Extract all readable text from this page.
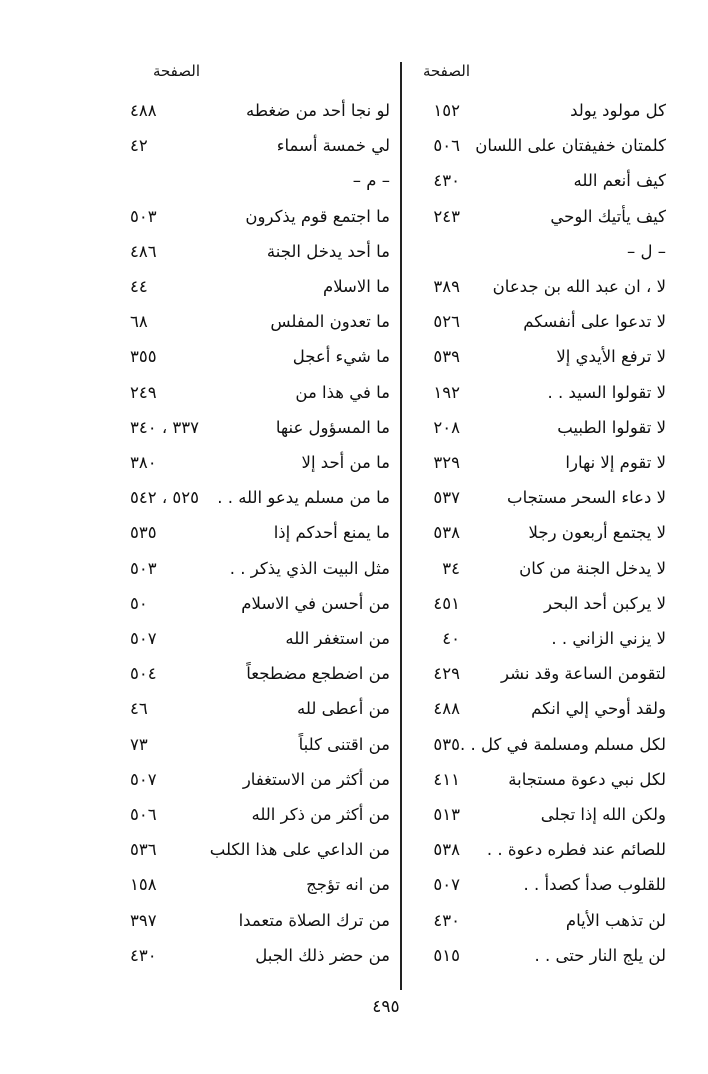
الصفحة
الصفحة
كل مولود يولد
١٥٢
لو نجا أحد من ضغطه
٤٨٨
كلمتان خفيفتان على اللسان
٥٠٦
لي خمسة أسماء
٤٢
كيف أنعم الله
٤٣٠
– م –
كيف يأتيك الوحي
٢٤٣
ما اجتمع قوم يذكرون
٥٠٣
– ل –
ما أحد يدخل الجنة
٤٨٦
لا ، ان عبد الله بن جدعان
٣٨٩
ما الاسلام
٤٤
لا تدعوا على أنفسكم
٥٢٦
ما تعدون المفلس
٦٨
لا ترفع الأيدي إلا
٥٣٩
ما شيء أعجل
٣٥٥
لا تقولوا السيد . .
١٩٢
ما في هذا من
٢٤٩
لا تقولوا الطبيب
٢٠٨
ما المسؤول عنها
٣٣٧ ، ٣٤٠
لا تقوم إلا نهارا
٣٢٩
ما من أحد إلا
٣٨٠
لا دعاء السحر مستجاب
٥٣٧
ما من مسلم يدعو الله . .
٥٢٥ ، ٥٤٢
لا يجتمع أربعون رجلا
٥٣٨
ما يمنع أحدكم إذا
٥٣٥
لا يدخل الجنة من كان
٣٤
مثل البيت الذي يذكر . .
٥٠٣
لا يركبن أحد البحر
٤٥١
من أحسن في الاسلام
٥٠
لا يزني الزاني . .
٤٠
من استغفر الله
٥٠٧
لتقومن الساعة وقد نشر
٤٢٩
من اضطجع مضطجعاً
٥٠٤
ولقد أوحي إلي انكم
٤٨٨
من أعطى لله
٤٦
لكل مسلم ومسلمة في كل . .
٥٣٥
من اقتنى كلباً
٧٣
لكل نبي دعوة مستجابة
٤١١
من أكثر من الاستغفار
٥٠٧
ولكن الله إذا تجلى
٥١٣
من أكثر من ذكر الله
٥٠٦
للصائم عند فطره دعوة . .
٥٣٨
من الداعي على هذا الكلب
٥٣٦
للقلوب صدأ كصدأ . .
٥٠٧
من انه تؤجج
١٥٨
لن تذهب الأيام
٤٣٠
من ترك الصلاة متعمدا
٣٩٧
لن يلج النار حتى . .
٥١٥
من حضر ذلك الجبل
٤٣٠
٤٩٥
